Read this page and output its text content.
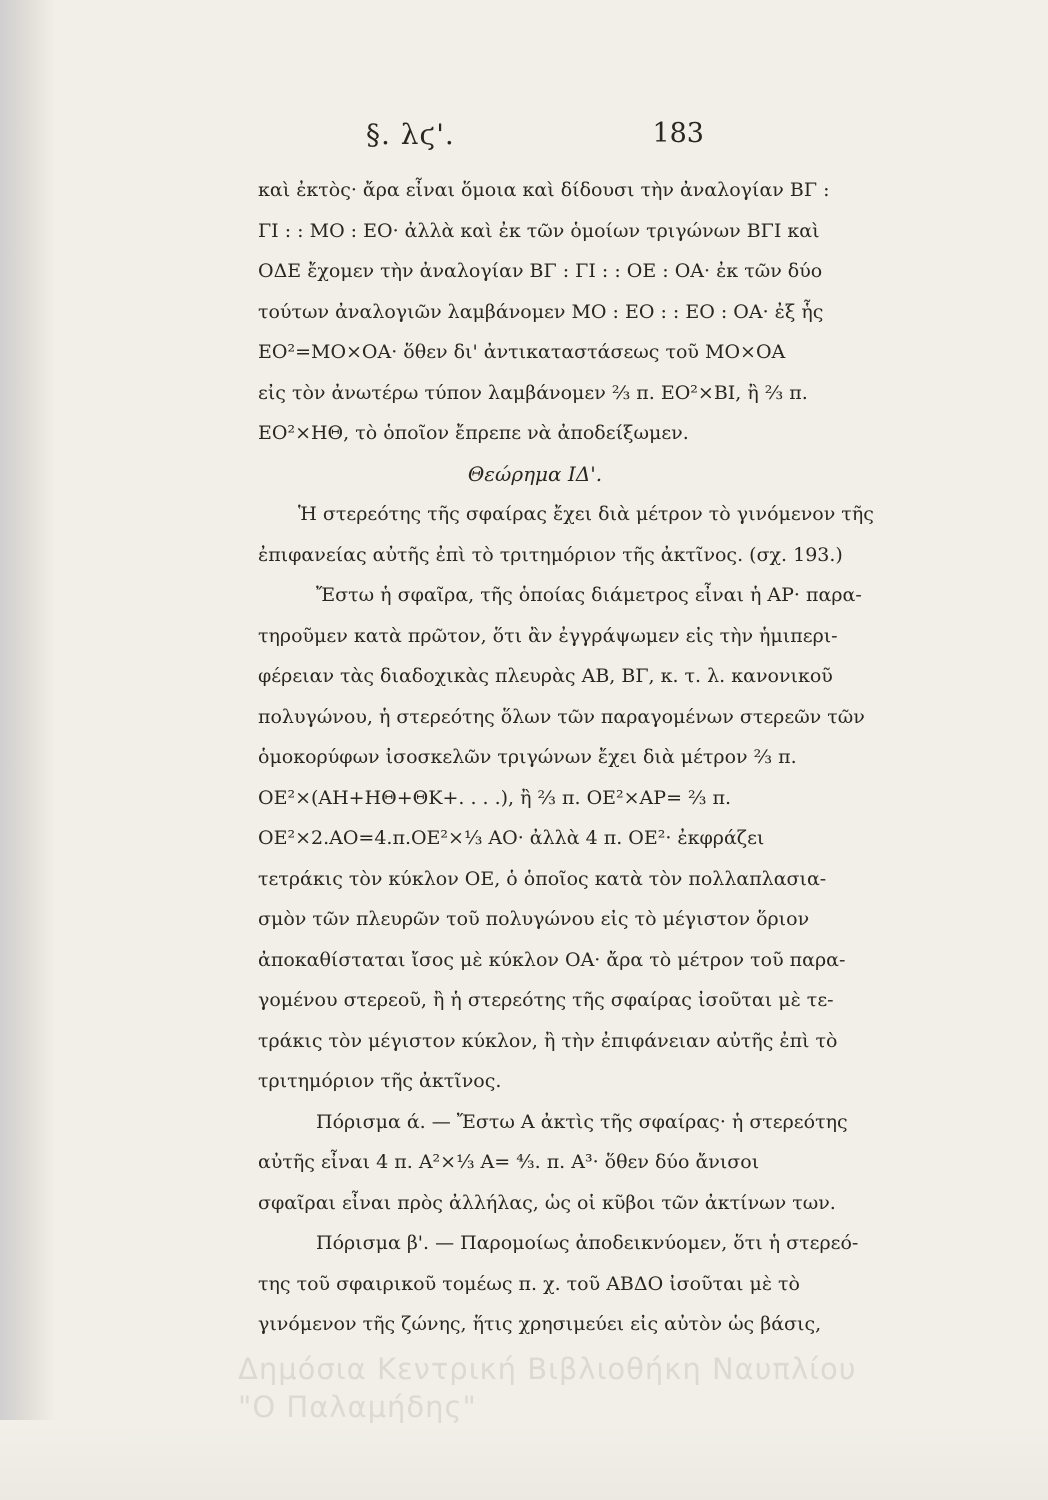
§. λϛ'.	183
καὶ ἐκτὸς· ἄρα εἶναι ὅμοια καὶ δίδουσι τὴν ἀναλογίαν ΒΓ :
ΓΙ : : ΜΟ : ΕΟ· ἀλλὰ καὶ ἐκ τῶν ὁμοίων τριγώνων ΒΓΙ καὶ
ΟΔΕ ἔχομεν τὴν ἀναλογίαν ΒΓ : ΓΙ : : ΟΕ : ΟΑ· ἐκ τῶν δύο
τούτων ἀναλογιῶν λαμβάνομεν ΜΟ : ΕΟ : : ΕΟ : ΟΑ· ἐξ ἧς
ΕΟ²=ΜΟ×ΟΑ· ὅθεν δι' ἀντικαταστάσεως τοῦ ΜΟ×ΟΑ
εἰς τὸν ἀνωτέρω τύπον λαμβάνομεν ⅔ π. ΕΟ²×ΒΙ, ἢ ⅔ π.
ΕΟ²×ΗΘ, τὸ ὁποῖον ἔπρεπε νὰ ἀποδείξωμεν.
Θεώρημα ΙΔ'.
Ἡ στερεότης τῆς σφαίρας ἔχει διὰ μέτρον τὸ γινόμενον τῆς
ἐπιφανείας αὐτῆς ἐπὶ τὸ τριτημόριον τῆς ἀκτῖνος. (σχ. 193.)
Ἔστω ἡ σφαῖρα, τῆς ὁποίας διάμετρος εἶναι ἡ ΑΡ· παρα-
τηροῦμεν κατὰ πρῶτον, ὅτι ἂν ἐγγράψωμεν εἰς τὴν ἡμιπερι-
φέρειαν τὰς διαδοχικὰς πλευρὰς ΑΒ, ΒΓ, κ. τ. λ. κανονικοῦ
πολυγώνου, ἡ στερεότης ὅλων τῶν παραγομένων στερεῶν τῶν
ὁμοκορύφων ἰσοσκελῶν τριγώνων ἔχει διὰ μέτρον ⅔ π.
ΟΕ²×(ΑΗ+ΗΘ+ΘΚ+. . . .), ἢ ⅔ π. ΟΕ²×ΑΡ= ⅔ π.
ΟΕ²×2.ΑΟ=4.π.ΟΕ²×⅓ ΑΟ· ἀλλὰ 4 π. ΟΕ²· ἐκφράζει
τετράκις τὸν κύκλον ΟΕ, ὁ ὁποῖος κατὰ τὸν πολλαπλασια-
σμὸν τῶν πλευρῶν τοῦ πολυγώνου εἰς τὸ μέγιστον ὅριον
ἀποκαθίσταται ἴσος μὲ κύκλον ΟΑ· ἄρα τὸ μέτρον τοῦ παρα-
γομένου στερεοῦ, ἢ ἡ στερεότης τῆς σφαίρας ἰσοῦται μὲ τε-
τράκις τὸν μέγιστον κύκλον, ἢ τὴν ἐπιφάνειαν αὐτῆς ἐπὶ τὸ
τριτημόριον τῆς ἀκτῖνος.
Πόρισμα ά. — Ἔστω Α ἀκτὶς τῆς σφαίρας· ἡ στερεότης
αὐτῆς εἶναι 4 π. Α²×⅓ Α= ⁴⁄₃. π. Α³· ὅθεν δύο ἄνισοι
σφαῖραι εἶναι πρὸς ἀλλήλας, ὡς οἱ κῦβοι τῶν ἀκτίνων των.
Πόρισμα β'. — Παρομοίως ἀποδεικνύομεν, ὅτι ἡ στερεό-
της τοῦ σφαιρικοῦ τομέως π. χ. τοῦ ΑΒΔΟ ἰσοῦται μὲ τὸ
γινόμενον τῆς ζώνης, ἥτις χρησιμεύει εἰς αὐτὸν ὡς βάσις,
Δημόσια Κεντρική Βιβλιοθήκη Ναυπλίου
"Ο Παλαμήδης"
